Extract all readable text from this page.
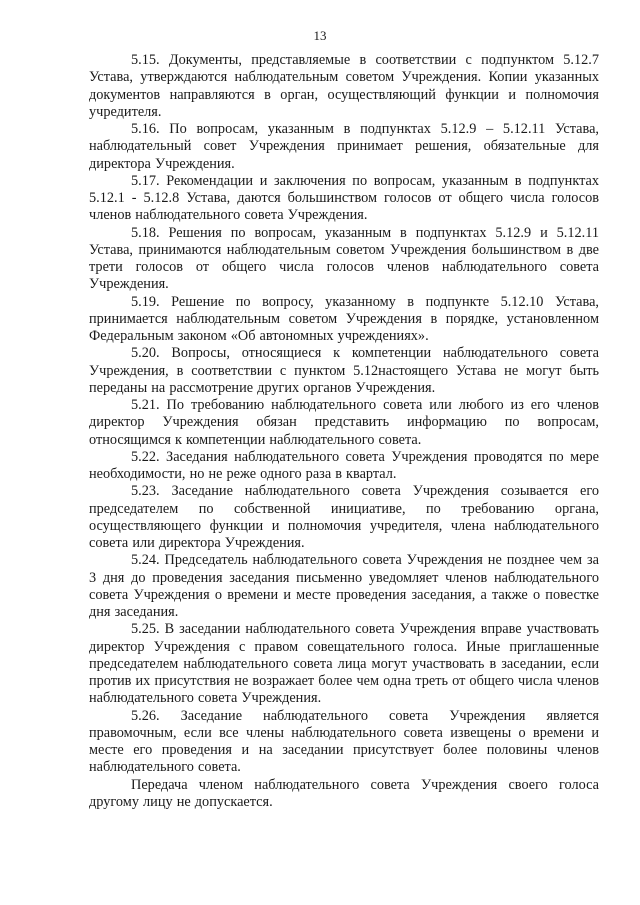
13

5.15. Документы, представляемые в соответствии с подпунктом 5.12.7 Устава, утверждаются наблюдательным советом Учреждения. Копии указанных документов направляются в орган, осуществляющий функции и полномочия учредителя.

5.16. По вопросам, указанным в подпунктах 5.12.9 – 5.12.11 Устава, наблюдательный совет Учреждения принимает решения, обязательные для директора Учреждения.

5.17. Рекомендации и заключения по вопросам, указанным в подпунктах 5.12.1 - 5.12.8 Устава, даются большинством голосов от общего числа голосов членов наблюдательного совета Учреждения.

5.18. Решения по вопросам, указанным в подпунктах 5.12.9 и 5.12.11 Устава, принимаются наблюдательным советом Учреждения большинством в две трети голосов от общего числа голосов членов наблюдательного совета Учреждения.

5.19. Решение по вопросу, указанному в подпункте 5.12.10 Устава, принимается наблюдательным советом Учреждения в порядке, установленном Федеральным законом «Об автономных учреждениях».

5.20. Вопросы, относящиеся к компетенции наблюдательного совета Учреждения, в соответствии с пунктом 5.12настоящего Устава не могут быть переданы на рассмотрение других органов Учреждения.

5.21. По требованию наблюдательного совета или любого из его членов директор Учреждения обязан представить информацию по вопросам, относящимся к компетенции наблюдательного совета.

5.22. Заседания наблюдательного совета Учреждения проводятся по мере необходимости, но не реже одного раза в квартал.

5.23. Заседание наблюдательного совета Учреждения созывается его председателем по собственной инициативе, по требованию органа, осуществляющего функции и полномочия учредителя, члена наблюдательного совета или директора Учреждения.

5.24. Председатель наблюдательного совета Учреждения не позднее чем за 3 дня до проведения заседания письменно уведомляет членов наблюдательного совета Учреждения о времени и месте проведения заседания, а также о повестке дня заседания.

5.25. В заседании наблюдательного совета Учреждения вправе участвовать директор Учреждения с правом совещательного голоса. Иные приглашенные председателем наблюдательного совета лица могут участвовать в заседании, если против их присутствия не возражает более чем одна треть от общего числа членов наблюдательного совета Учреждения.

5.26. Заседание наблюдательного совета Учреждения является правомочным, если все члены наблюдательного совета извещены о времени и месте его проведения и на заседании присутствует более половины членов наблюдательного совета.

Передача членом наблюдательного совета Учреждения своего голоса другому лицу не допускается.
